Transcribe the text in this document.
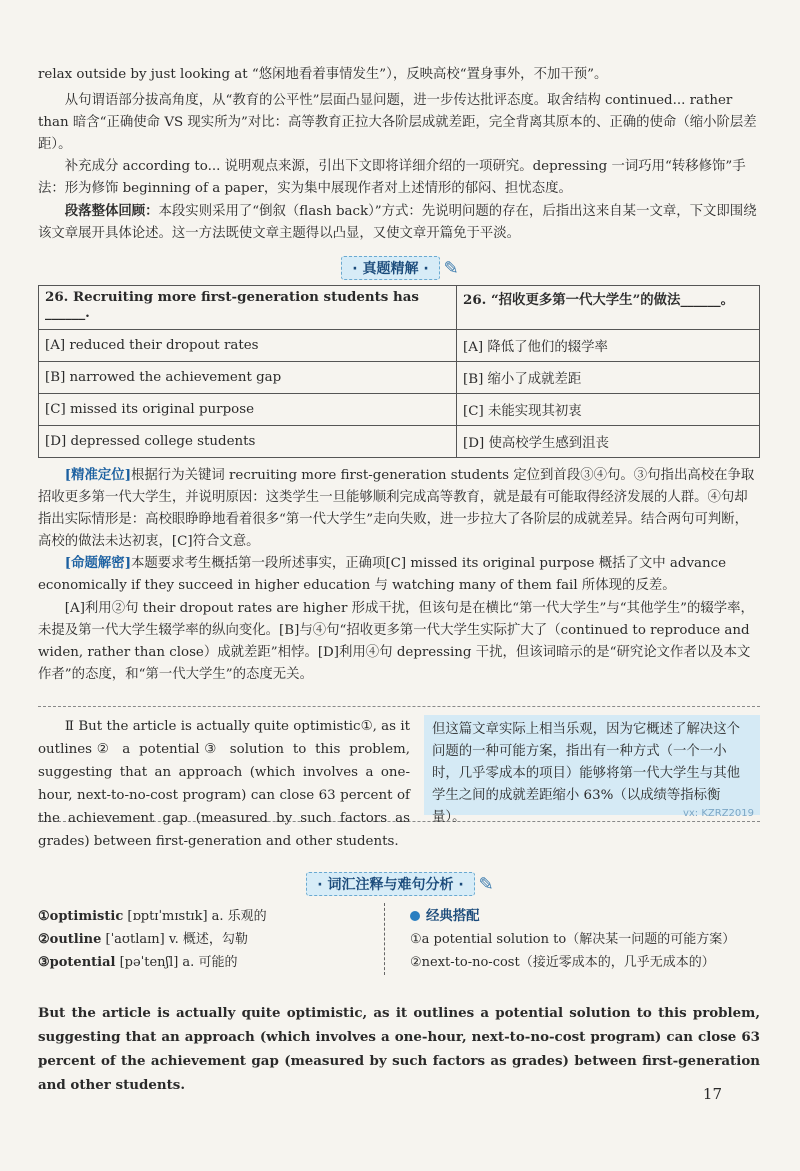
relax outside by just looking at “悠闲地看着事情发生”），反映高校“置身事外，不加干预”。

从句谓语部分拔高角度，从“教育的公平性”层面凸显问题，进一步传达批评态度。取舍结构 continued... rather than 暗含“正确使命 VS 现实所为”对比：高等教育正拉大各阶层成就差距，完全背离其原本的、正确的使命（缩小阶层差距）。

补充成分 according to... 说明观点来源，引出下文即将详细介绍的一项研究。depressing 一词巧用“转移修饰”手法：形为修饰 beginning of a paper，实为集中展现作者对上述情形的郁闷、担忧态度。

段落整体回顾：本段实则采用了“倒叙（flash back）”方式：先说明问题的存在，后指出这来自某一文章，下文即围绕该文章展开具体论述。这一方法既使文章主题得以凸显，又使文章开篇免于平淡。

· 真题精解 · ✎
26. Recruiting more first-generation students has ______.	26. “招收更多第一代大学生”的做法______。
[A] reduced their dropout rates	[A] 降低了他们的辍学率
[B] narrowed the achievement gap	[B] 缩小了成就差距
[C] missed its original purpose	[C] 未能实现其初衷
[D] depressed college students	[D] 使高校学生感到沮丧

[精准定位]根据行为关键词 recruiting more first-generation students 定位到首段③④句。③句指出高校在争取招收更多第一代大学生，并说明原因：这类学生一旦能够顺利完成高等教育，就是最有可能取得经济发展的人群。④句却指出实际情形是：高校眼睁睁地看着很多“第一代大学生”走向失败，进一步拉大了各阶层的成就差异。结合两句可判断，高校的做法未达初衷，[C]符合文意。

[命题解密]本题要求考生概括第一段所述事实，正确项[C] missed its original purpose 概括了文中 advance economically if they succeed in higher education 与 watching many of them fail 所体现的反差。

[A]利用②句 their dropout rates are higher 形成干扰，但该句是在横比“第一代大学生”与“其他学生”的辍学率，未提及第一代大学生辍学率的纵向变化。[B]与④句“招收更多第一代大学生实际扩大了（continued to reproduce and widen, rather than close）成就差距”相悖。[D]利用④句 depressing 干扰，但该词暗示的是“研究论文作者以及本文作者”的态度，和“第一代大学生”的态度无关。

Ⅱ But the article is actually quite optimistic①, as it outlines② a potential③ solution to this problem, suggesting that an approach (which involves a one-hour, next-to-no-cost program) can close 63 percent of the achievement gap (measured by such factors as grades) between first-generation and other students.
但这篇文章实际上相当乐观，因为它概述了解决这个问题的一种可能方案，指出有一种方式（一个一小时，几乎零成本的项目）能够将第一代大学生与其他学生之间的成就差距缩小 63%（以成绩等指标衡量）。	vx: KZRZ2019
· 词汇注释与难句分析 · ✎
①optimistic [ɒptɪˈmɪstɪk] a. 乐观的
②outline [ˈaʊtlaɪn] v. 概述，勾勒
③potential [pəˈtenʃl] a. 可能的
经典搭配
①a potential solution to（解决某一问题的可能方案）
②next-to-no-cost（接近零成本的，几乎无成本的）

But the article is actually quite optimistic, as it outlines a potential solution to this problem, suggesting that an approach (which involves a one-hour, next-to-no-cost program) can close 63 percent of the achievement gap (measured by such factors as grades) between first-generation and other students.	17
